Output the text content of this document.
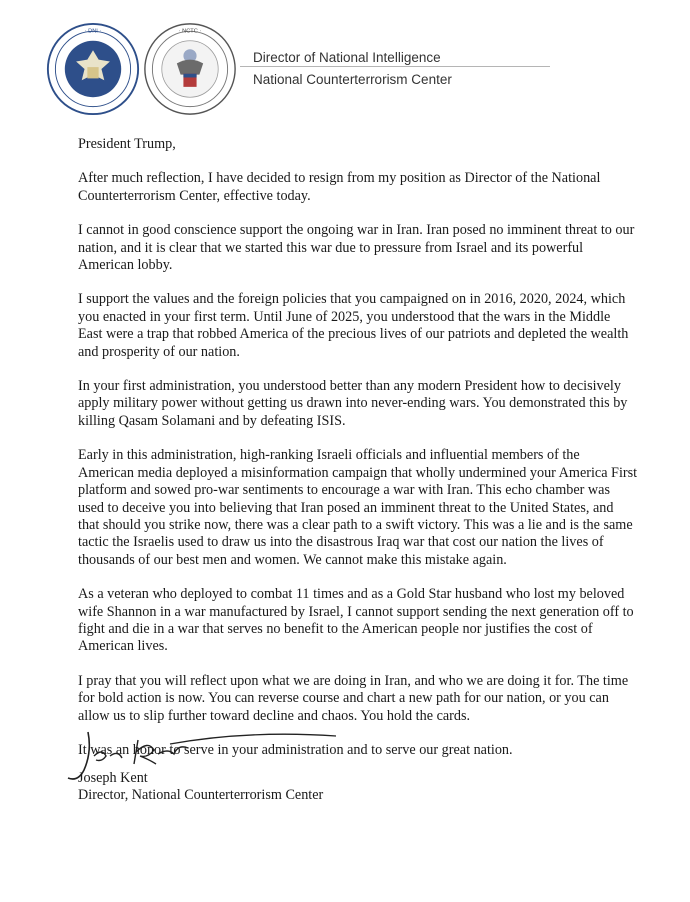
· DNI ·	· NCTC ·
Director of National Intelligence
National Counterterrorism Center

President Trump,

After much reflection, I have decided to resign from my position as Director of the National Counterterrorism Center, effective today.

I cannot in good conscience support the ongoing war in Iran. Iran posed no imminent threat to our nation, and it is clear that we started this war due to pressure from Israel and its powerful American lobby.

I support the values and the foreign policies that you campaigned on in 2016, 2020, 2024, which you enacted in your first term. Until June of 2025, you understood that the wars in the Middle East were a trap that robbed America of the precious lives of our patriots and depleted the wealth and prosperity of our nation.

In your first administration, you understood better than any modern President how to decisively apply military power without getting us drawn into never-ending wars. You demonstrated this by killing Qasam Solamani and by defeating ISIS.

Early in this administration, high-ranking Israeli officials and influential members of the American media deployed a misinformation campaign that wholly undermined your America First platform and sowed pro-war sentiments to encourage a war with Iran. This echo chamber was used to deceive you into believing that Iran posed an imminent threat to the United States, and that should you strike now, there was a clear path to a swift victory. This was a lie and is the same tactic the Israelis used to draw us into the disastrous Iraq war that cost our nation the lives of thousands of our best men and women. We cannot make this mistake again.

As a veteran who deployed to combat 11 times and as a Gold Star husband who lost my beloved wife Shannon in a war manufactured by Israel, I cannot support sending the next generation off to fight and die in a war that serves no benefit to the American people nor justifies the cost of American lives.

I pray that you will reflect upon what we are doing in Iran, and who we are doing it for. The time for bold action is now. You can reverse course and chart a new path for our nation, or you can allow us to slip further toward decline and chaos. You hold the cards.

It was an honor to serve in your administration and to serve our great nation.

Joseph Kent
Director, National Counterterrorism Center
